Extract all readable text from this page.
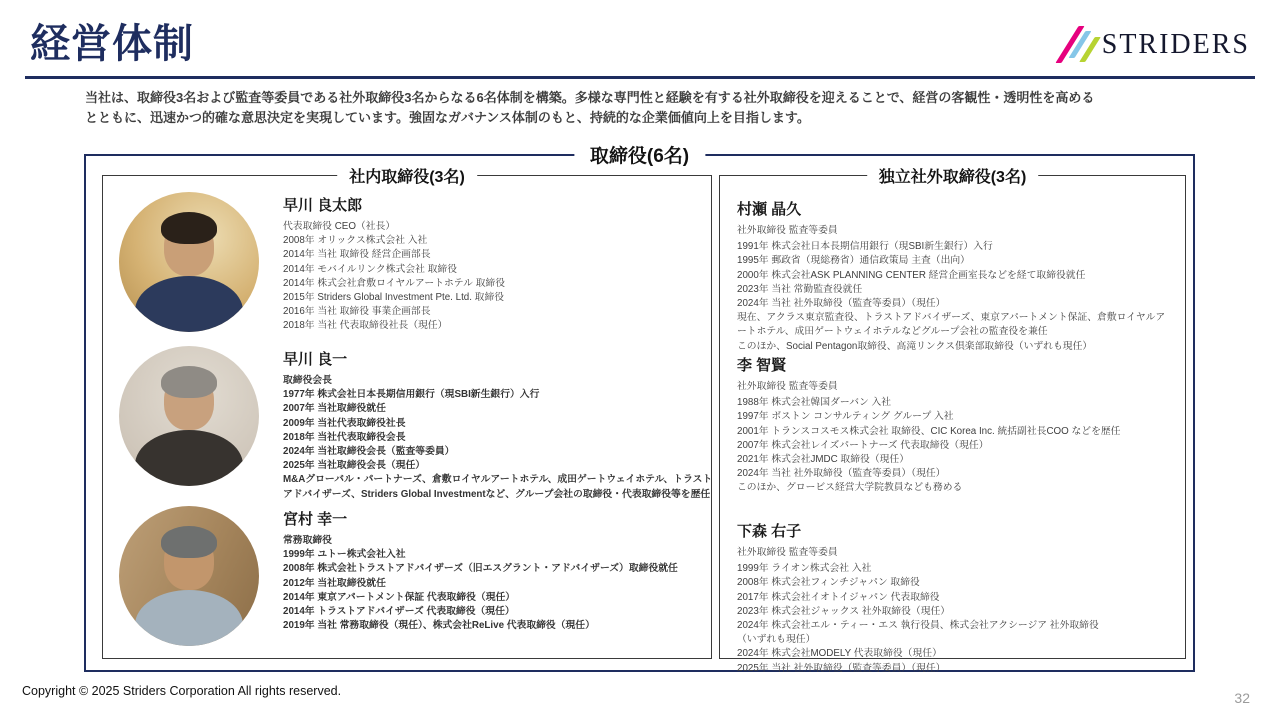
経営体制	STRIDERS
当社は、取締役3名および監査等委員である社外取締役3名からなる6名体制を構築。多様な専門性と経験を有する社外取締役を迎えることで、経営の客観性・透明性を高める
とともに、迅速かつ的確な意思決定を実現しています。強固なガバナンス体制のもと、持続的な企業価値向上を目指します。
取締役(6名)
社内取締役(3名)
早川 良太郎
代表取締役 CEO（社長）
2008年 オリックス株式会社 入社
2014年 当社 取締役 経営企画部長
2014年 モバイルリンク株式会社 取締役
2014年 株式会社倉敷ロイヤルアートホテル 取締役
2015年 Striders Global Investment Pte. Ltd. 取締役
2016年 当社 取締役 事業企画部長
2018年 当社 代表取締役社長（現任）
早川 良一
取締役会長
1977年 株式会社日本長期信用銀行（現SBI新生銀行）入行
2007年 当社取締役就任
2009年 当社代表取締役社長
2018年 当社代表取締役会長
2024年 当社取締役会長（監査等委員）
2025年 当社取締役会長（現任）
M&Aグローバル・パートナーズ、倉敷ロイヤルアートホテル、成田ゲートウェイホテル、トラストアドバイザーズ、Striders Global Investmentなど、グループ会社の取締役・代表取締役等を歴任
宮村 幸一
常務取締役
1999年 ユトー株式会社入社
2008年 株式会社トラストアドバイザーズ（旧エスグラント・アドバイザーズ）取締役就任
2012年 当社取締役就任
2014年 東京アパートメント保証 代表取締役（現任）
2014年 トラストアドバイザーズ 代表取締役（現任）
2019年 当社 常務取締役（現任）、株式会社ReLive 代表取締役（現任）
独立社外取締役(3名)
村瀬 晶久
社外取締役 監査等委員
1991年 株式会社日本長期信用銀行（現SBI新生銀行）入行
1995年 郵政省（現総務省）通信政策局 主査（出向）
2000年 株式会社ASK PLANNING CENTER 経営企画室長などを経て取締役就任
2023年 当社 常勤監査役就任
2024年 当社 社外取締役（監査等委員）（現任）
現在、アクラス東京監査役、トラストアドバイザーズ、東京アパートメント保証、倉敷ロイヤルアートホテル、成田ゲートウェイホテルなどグループ会社の監査役を兼任
このほか、Social Pentagon取締役、高滝リンクス倶楽部取締役（いずれも現任）
李 智賢
社外取締役 監査等委員
1988年 株式会社韓国ダーバン 入社
1997年 ボストン コンサルティング グループ 入社
2001年 トランスコスモス株式会社 取締役、CIC Korea Inc. 統括副社長COO などを歴任
2007年 株式会社レイズパートナーズ 代表取締役（現任）
2021年 株式会社JMDC 取締役（現任）
2024年 当社 社外取締役（監査等委員）（現任）
このほか、グロービス経営大学院教員なども務める
下森 右子
社外取締役 監査等委員
1999年 ライオン株式会社 入社
2008年 株式会社フィンチジャパン 取締役
2017年 株式会社イオトイジャパン 代表取締役
2023年 株式会社ジャックス 社外取締役（現任）
2024年 株式会社エル・ティー・エス 執行役員、株式会社アクシージア 社外取締役
（いずれも現任）
2024年 株式会社MODELY 代表取締役（現任）
2025年 当社 社外取締役（監査等委員）（現任）
Copyright © 2025 Striders Corporation All rights reserved.	32
